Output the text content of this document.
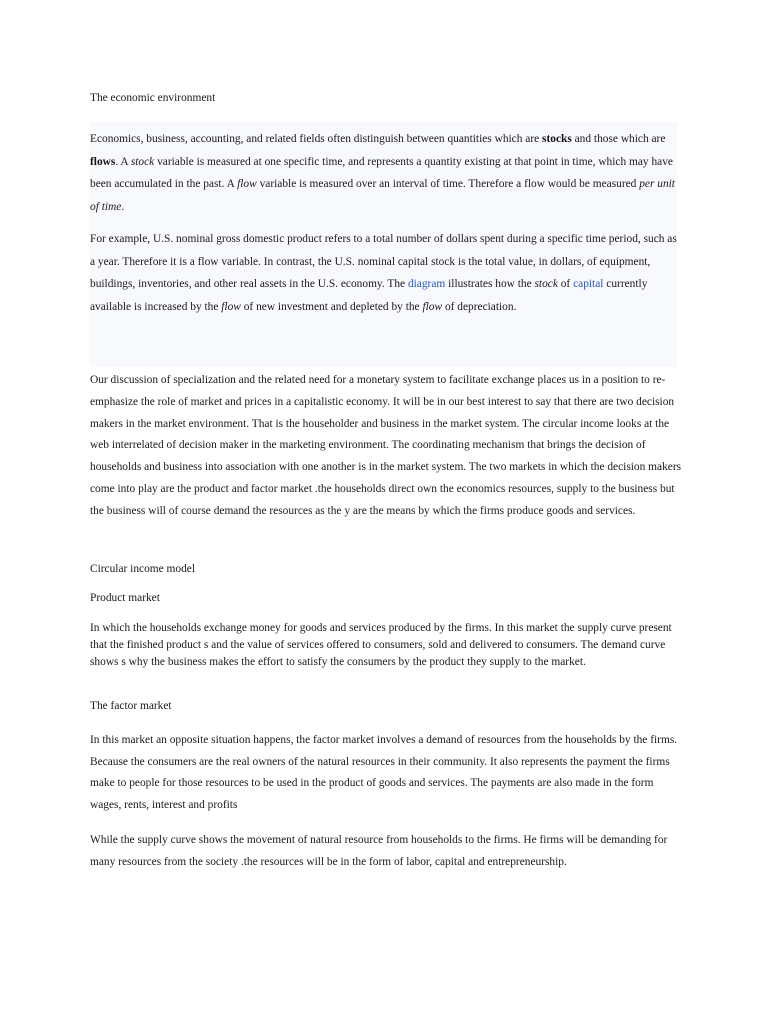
The economic environment

Economics, business, accounting, and related fields often distinguish between quantities which are stocks and those which are flows. A stock variable is measured at one specific time, and represents a quantity existing at that point in time, which may have been accumulated in the past. A flow variable is measured over an interval of time. Therefore a flow would be measured per unit of time.

For example, U.S. nominal gross domestic product refers to a total number of dollars spent during a specific time period, such as a year. Therefore it is a flow variable. In contrast, the U.S. nominal capital stock is the total value, in dollars, of equipment, buildings, inventories, and other real assets in the U.S. economy. The diagram illustrates how the stock of capital currently available is increased by the flow of new investment and depleted by the flow of depreciation.

Our discussion of specialization and the related need for a monetary system to facilitate exchange places us in a position to re-emphasize the role of market and prices in a capitalistic economy. It will be in our best interest to say that there are two decision makers in the market environment. That is the householder and business in the market system. The circular income looks at the web interrelated of decision maker in the marketing environment. The coordinating mechanism that brings the decision of households and business into association with one another is in the market system. The two markets in which the decision makers come into play are the product and factor market .the households direct own the economics resources, supply to the business but the business will of course demand the resources as the y are the means by which the firms produce goods and services.

Circular income model

Product market

In which the households exchange money for goods and services produced by the firms. In this market the supply curve present that the finished product s and the value of services offered to consumers, sold and delivered to consumers. The demand curve shows s why the business makes the effort to satisfy the consumers by the product they supply to the market.

The factor market

In this market an opposite situation happens, the factor market involves a demand of resources from the households by the firms. Because the consumers are the real owners of the natural resources in their community. It also represents the payment the firms make to people for those resources to be used in the product of goods and services. The payments are also made in the form wages, rents, interest and profits

While the supply curve shows the movement of natural resource from households to the firms. He firms will be demanding for many resources from the society .the resources will be in the form of labor, capital and entrepreneurship.
